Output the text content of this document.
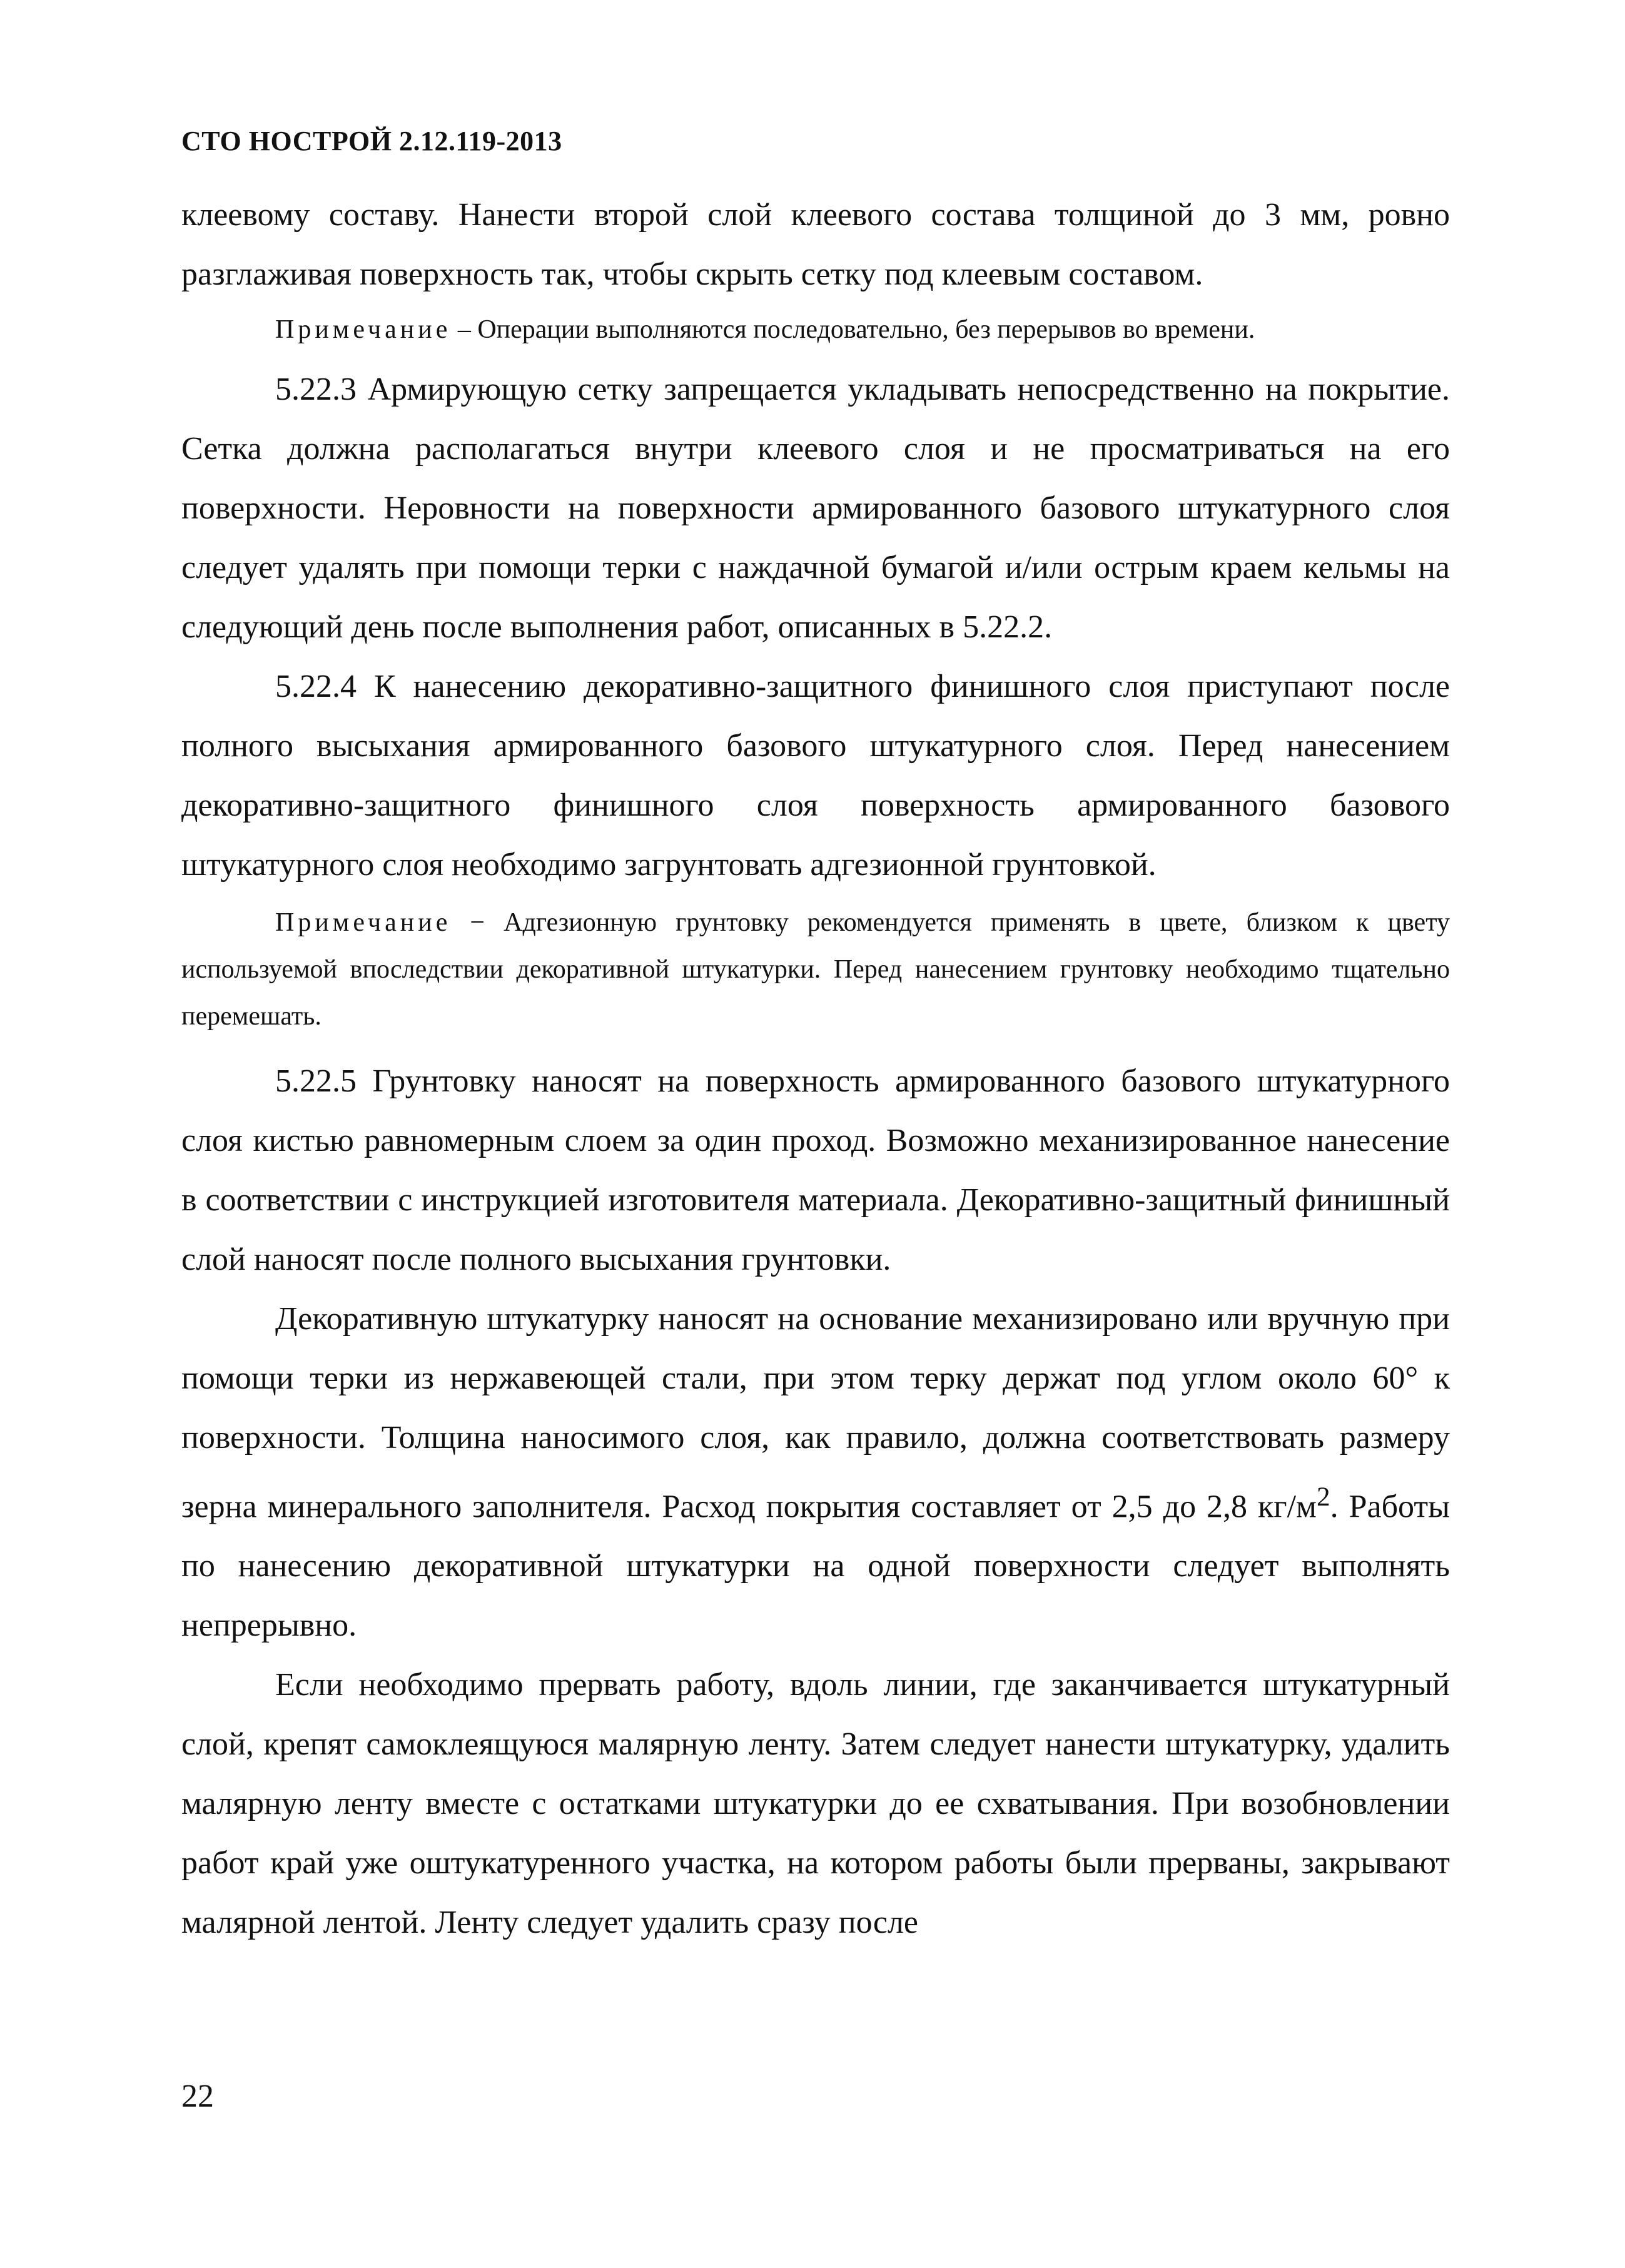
СТО НОСТРОЙ 2.12.119-2013

клеевому составу. Нанести второй слой клеевого состава толщиной до 3 мм, ровно разглаживая поверхность так, чтобы скрыть сетку под клеевым составом.

Примечание – Операции выполняются последовательно, без перерывов во времени.

5.22.3 Армирующую сетку запрещается укладывать непосредственно на покрытие. Сетка должна располагаться внутри клеевого слоя и не просматриваться на его поверхности. Неровности на поверхности армированного базового штукатурного слоя следует удалять при помощи терки с наждачной бумагой и/или острым краем кельмы на следующий день после выполнения работ, описанных в 5.22.2.

5.22.4 К нанесению декоративно-защитного финишного слоя приступают после полного высыхания армированного базового штукатурного слоя. Перед нанесением декоративно-защитного финишного слоя поверхность армированного базового штукатурного слоя необходимо загрунтовать адгезионной грунтовкой.

Примечание − Адгезионную грунтовку рекомендуется применять в цвете, близком к цвету используемой впоследствии декоративной штукатурки. Перед нанесением грунтовку необходимо тщательно перемешать.

5.22.5 Грунтовку наносят на поверхность армированного базового штукатурного слоя кистью равномерным слоем за один проход. Возможно механизированное нанесение в соответствии с инструкцией изготовителя материала. Декоративно-защитный финишный слой наносят после полного высыхания грунтовки.

Декоративную штукатурку наносят на основание механизировано или вручную при помощи терки из нержавеющей стали, при этом терку держат под углом около 60° к поверхности. Толщина наносимого слоя, как правило, должна соответствовать размеру зерна минерального заполнителя. Расход покрытия составляет от 2,5 до 2,8 $кг/м^2$. Работы по нанесению декоративной штукатурки на одной поверхности следует выполнять непрерывно.

Если необходимо прервать работу, вдоль линии, где заканчивается штукатурный слой, крепят самоклеящуюся малярную ленту. Затем следует нанести штукатурку, удалить малярную ленту вместе с остатками штукатурки до ее схватывания. При возобновлении работ край уже оштукатуренного участка, на котором работы были прерваны, закрывают малярной лентой. Ленту следует удалить сразу после

22
